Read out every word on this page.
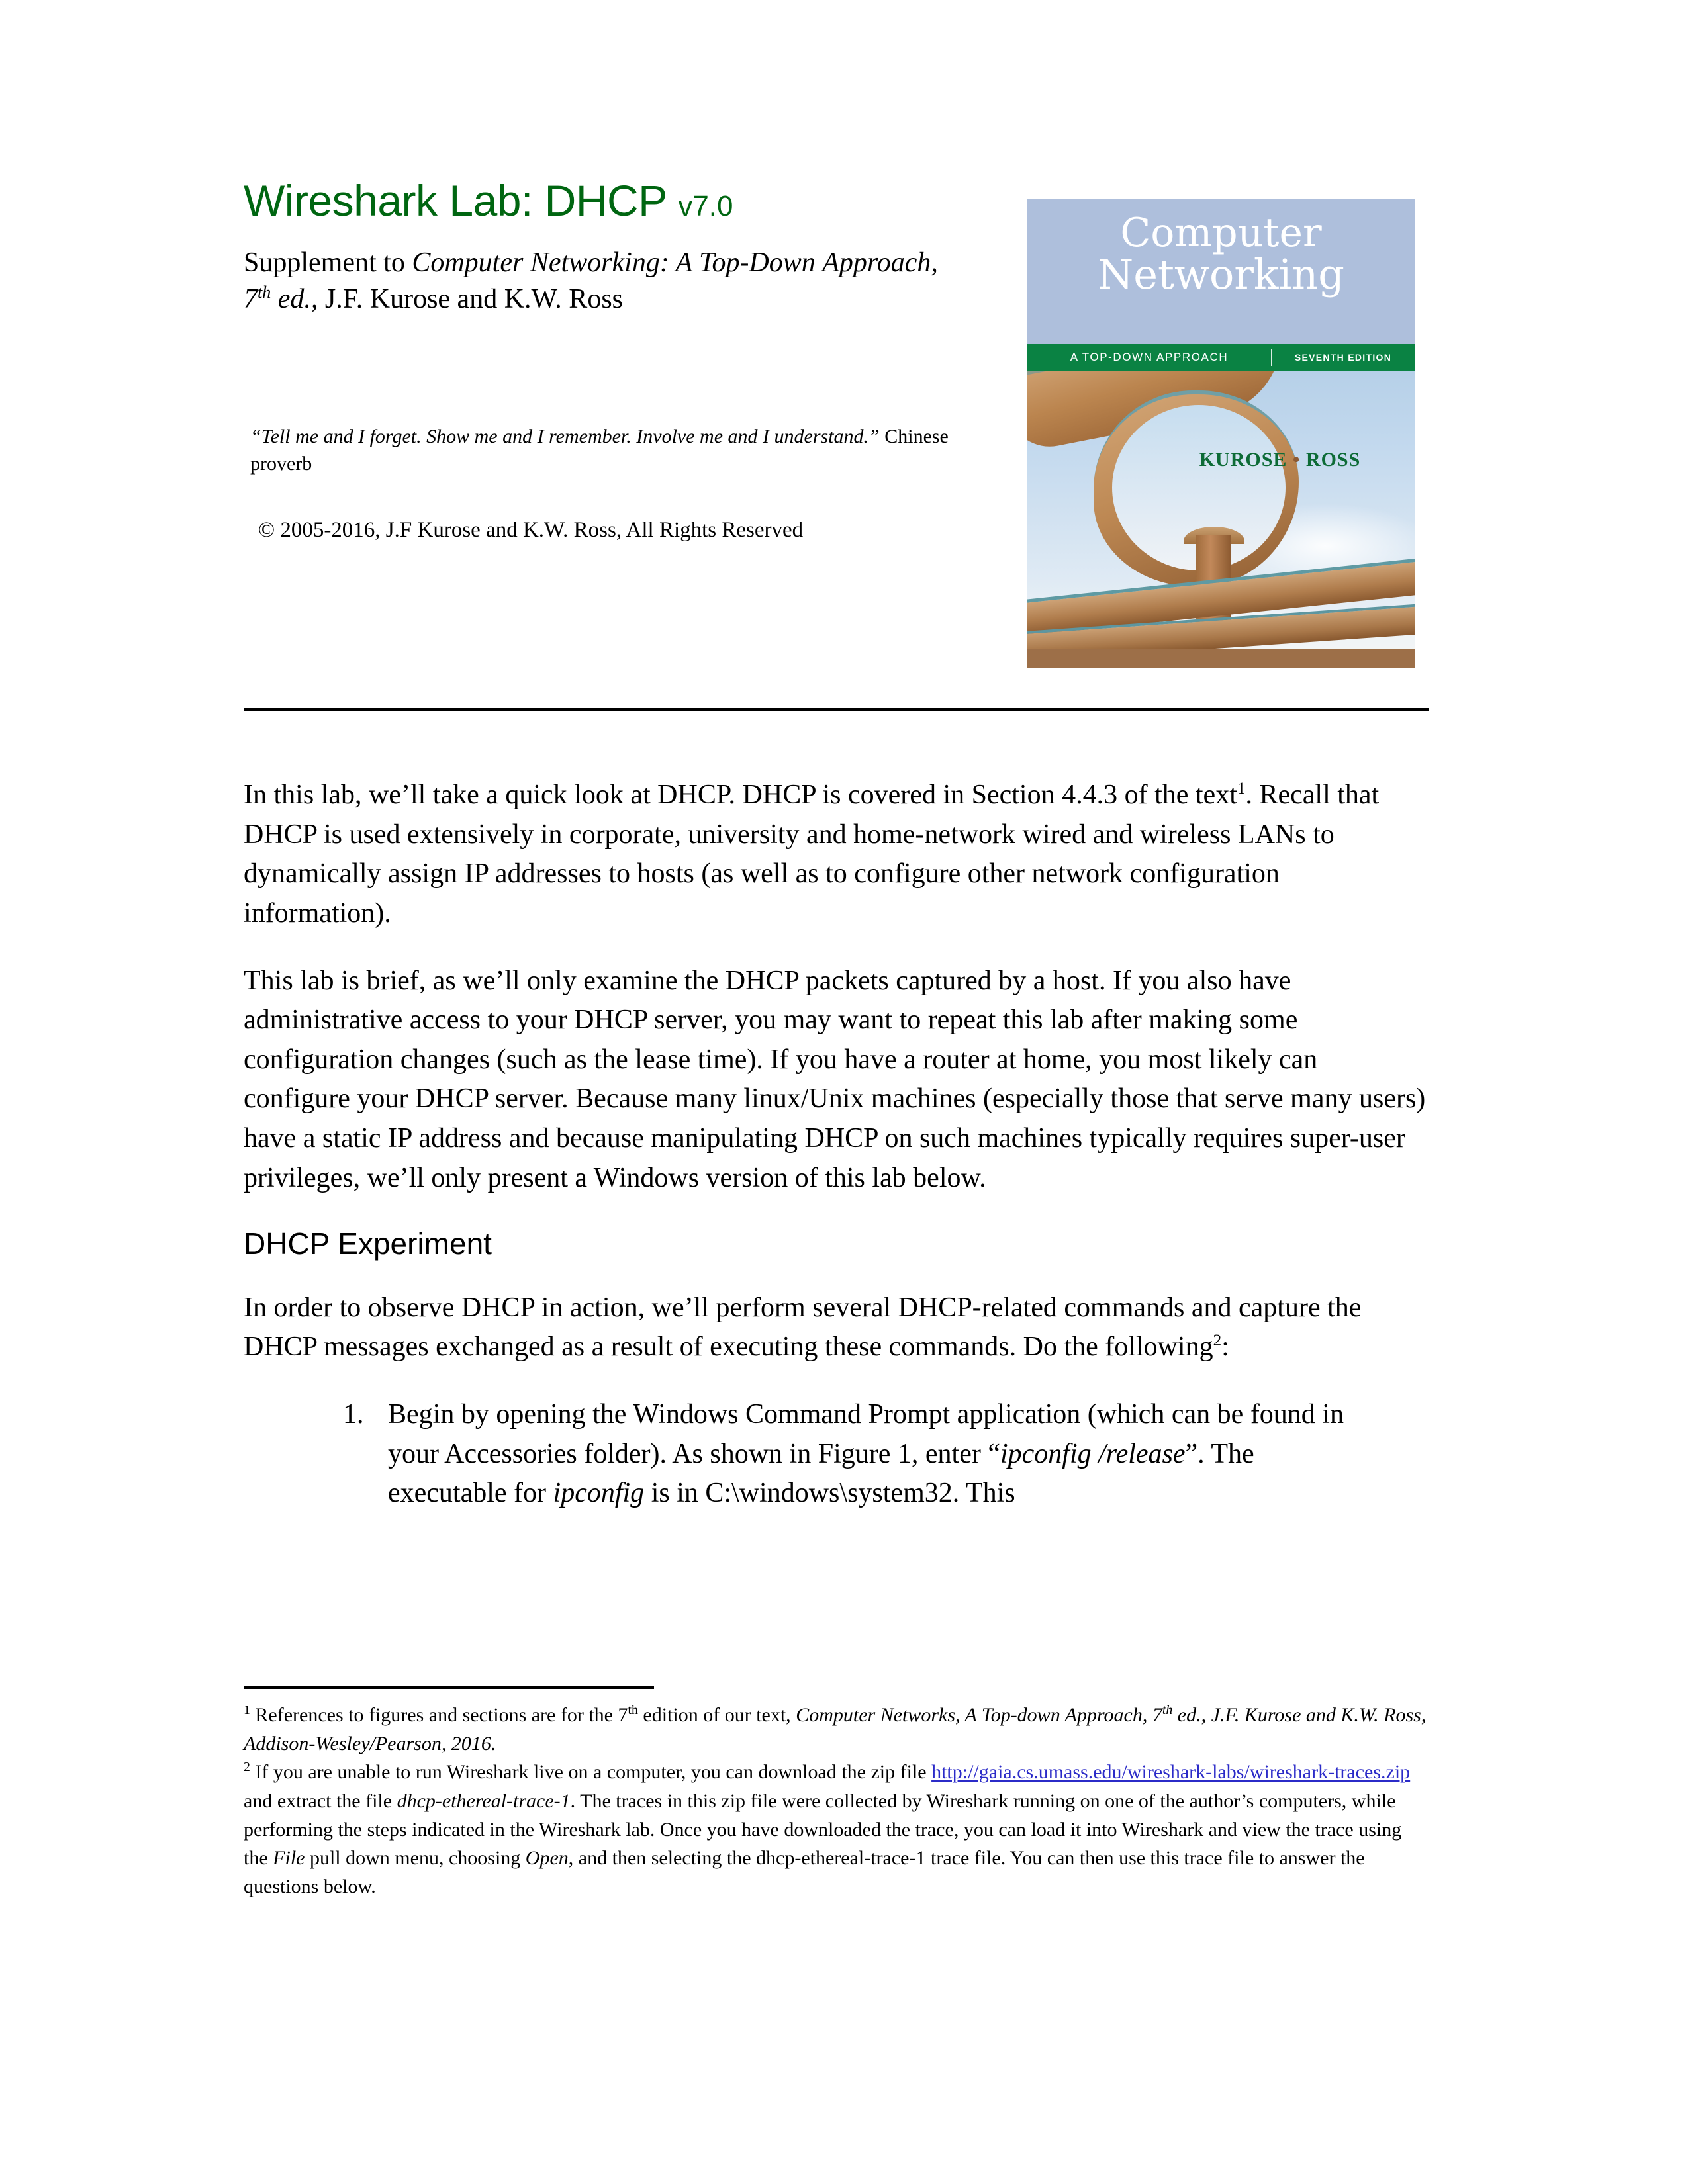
Wireshark Lab: DHCP v7.0
Supplement to Computer Networking: A Top-Down Approach, 7th ed., J.F. Kurose and K.W. Ross
“Tell me and I forget. Show me and I remember. Involve me and I understand.” Chinese proverb
© 2005-2016, J.F Kurose and K.W. Ross, All Rights Reserved
Computer
Networking
A TOP-DOWN APPROACH	SEVENTH EDITION
KUROSE • ROSS

In this lab, we’ll take a quick look at DHCP. DHCP is covered in Section 4.4.3 of the text$^1$. Recall that DHCP is used extensively in corporate, university and home-network wired and wireless LANs to dynamically assign IP addresses to hosts (as well as to configure other network configuration information).

This lab is brief, as we’ll only examine the DHCP packets captured by a host. If you also have administrative access to your DHCP server, you may want to repeat this lab after making some configuration changes (such as the lease time). If you have a router at home, you most likely can configure your DHCP server. Because many linux/Unix machines (especially those that serve many users) have a static IP address and because manipulating DHCP on such machines typically requires super-user privileges, we’ll only present a Windows version of this lab below.

DHCP Experiment

In order to observe DHCP in action, we’ll perform several DHCP-related commands and capture the DHCP messages exchanged as a result of executing these commands. Do the following$^2$:

Begin by opening the Windows Command Prompt application (which can be found in your Accessories folder). As shown in Figure 1, enter “ipconfig /release”. The executable for ipconfig is in C:\windows\system32. This

$^1$ References to figures and sections are for the 7th edition of our text, Computer Networks, A Top-down Approach, 7th ed., J.F. Kurose and K.W. Ross, Addison-Wesley/Pearson, 2016.

$^2$ If you are unable to run Wireshark live on a computer, you can download the zip file http://gaia.cs.umass.edu/wireshark-labs/wireshark-traces.zip and extract the file dhcp-ethereal-trace-1. The traces in this zip file were collected by Wireshark running on one of the author’s computers, while performing the steps indicated in the Wireshark lab. Once you have downloaded the trace, you can load it into Wireshark and view the trace using the File pull down menu, choosing Open, and then selecting the dhcp-ethereal-trace-1 trace file. You can then use this trace file to answer the questions below.
